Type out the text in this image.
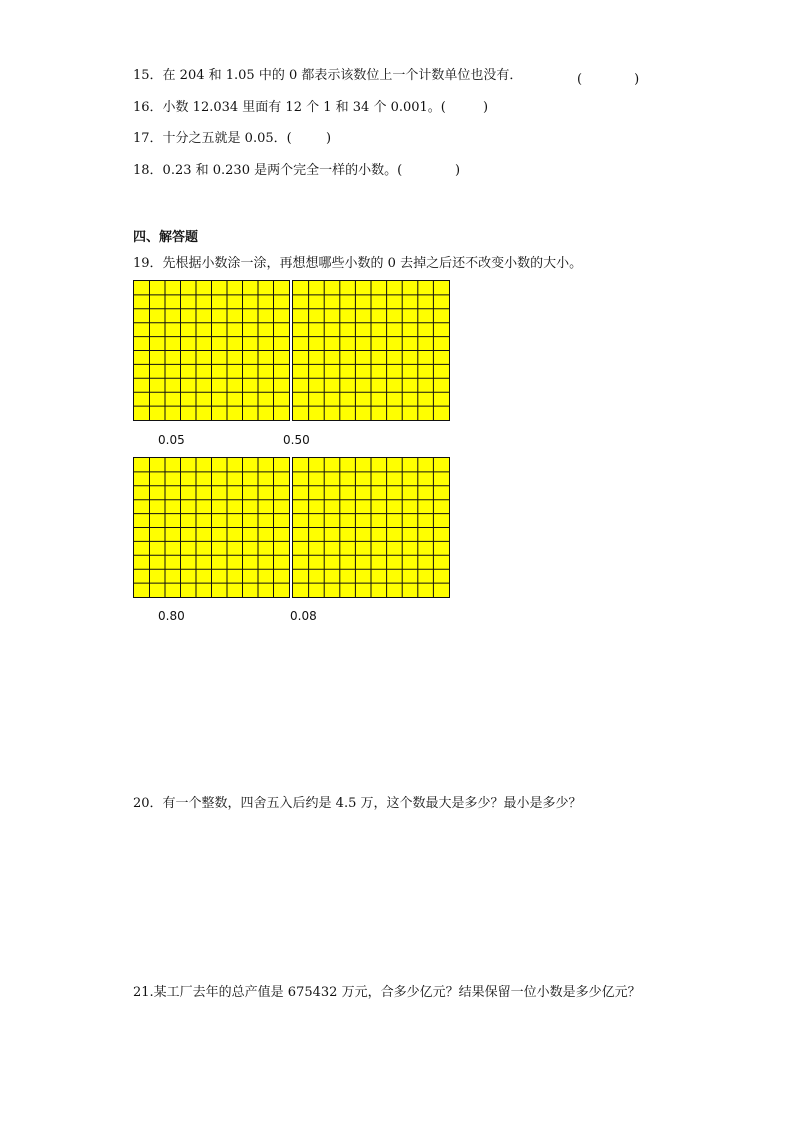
15．在 204 和 1.05 中的 0 都表示该数位上一个计数单位也没有．	(　　　　)
16．小数 12.034 里面有 12 个 1 和 34 个 0.001。(	)
17．十分之五就是 0.05．(	)
18．0.23 和 0.230 是两个完全一样的小数。(	)
四、解答题
19．先根据小数涂一涂，再想想哪些小数的 0 去掉之后还不改变小数的大小。
0.05	0.50
0.80	0.08
20．有一个整数，四舍五入后约是 4.5 万，这个数最大是多少？最小是多少？
21.某工厂去年的总产值是 675432 万元，合多少亿元？结果保留一位小数是多少亿元？
